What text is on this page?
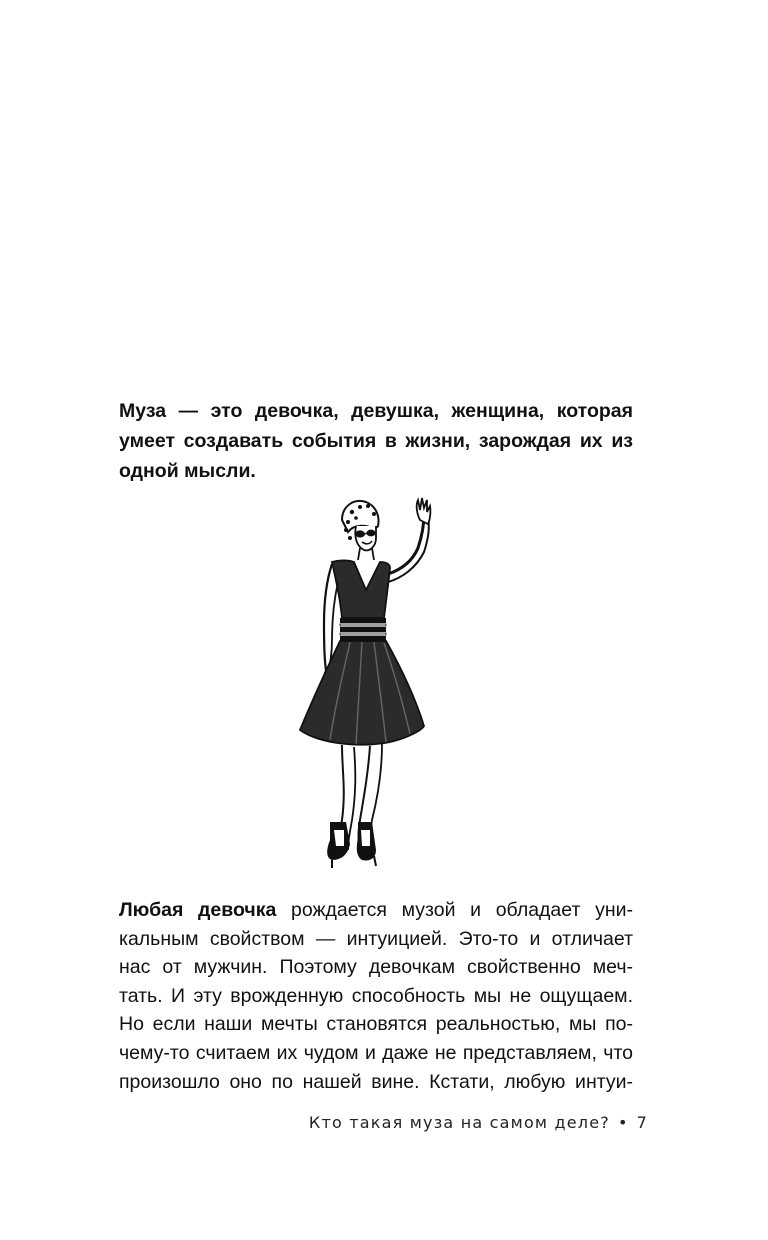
Муза — это девочка, девушка, женщина, которая
умеет создавать события в жизни, зарождая их из
одной мысли.
Любая девочка рождается музой и обладает уни-
кальным свойством — интуицией. Это-то и отличает
нас от мужчин. Поэтому девочкам свойственно меч-
тать. И эту врожденную способность мы не ощущаем.
Но если наши мечты становятся реальностью, мы по-
чему-то считаем их чудом и даже не представляем, что
произошло оно по нашей вине. Кстати, любую интуи-
Кто такая муза на самом деле? • 7
